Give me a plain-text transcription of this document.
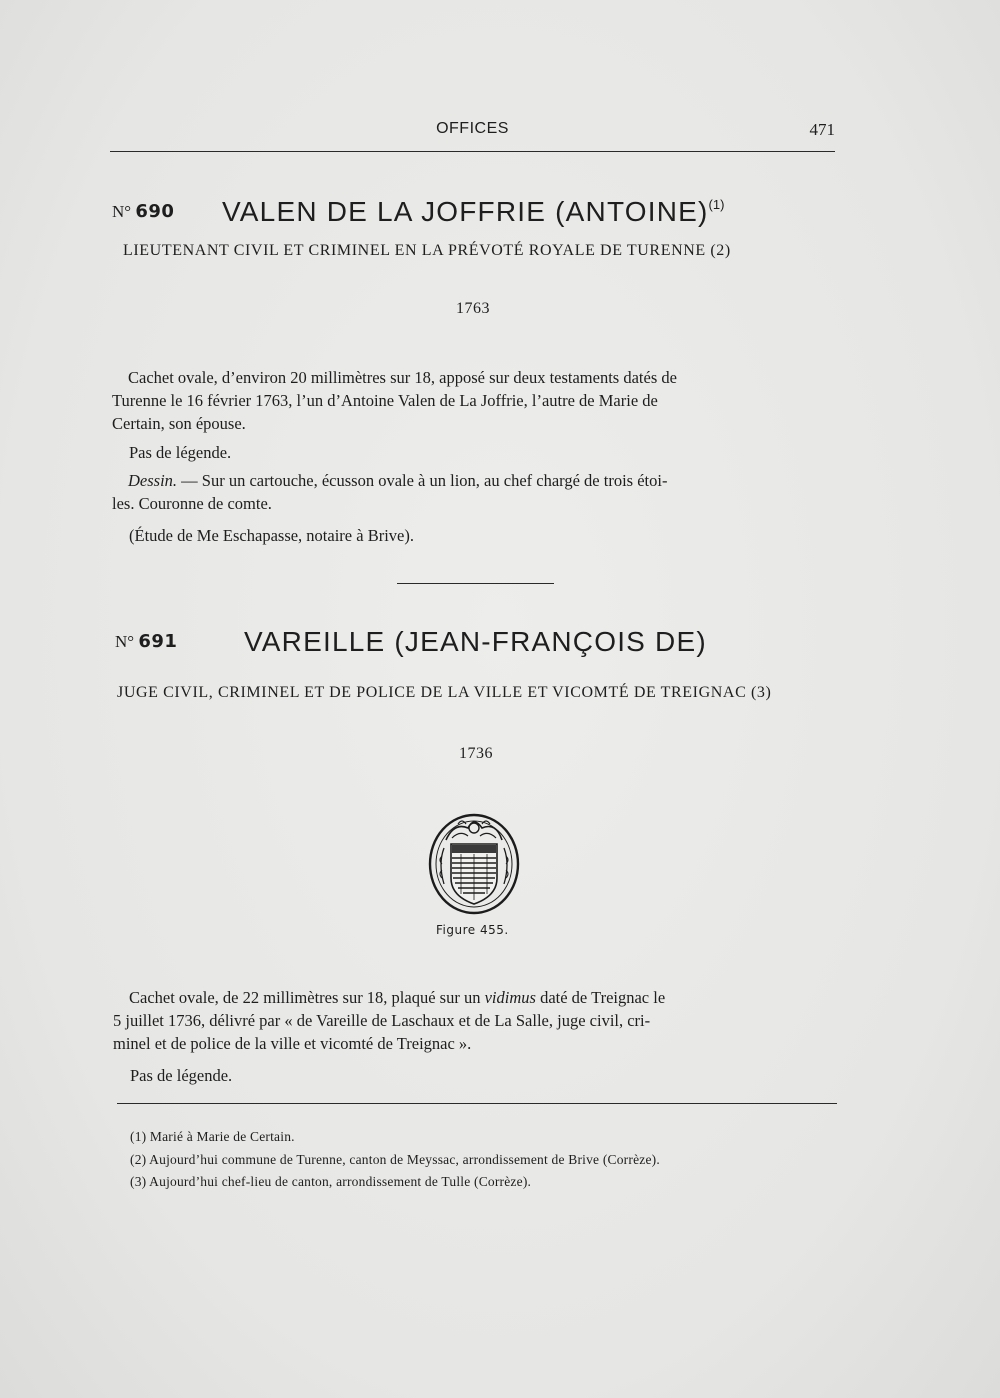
OFFICES	471
N° 690 VALEN DE LA JOFFRIE (ANTOINE)$^{(1)}$
LIEUTENANT CIVIL ET CRIMINEL EN LA PRÉVOTÉ ROYALE DE TURENNE (2)
1763
Cachet ovale, d’environ 20 millimètres sur 18, apposé sur deux testaments datés de
Turenne le 16 février 1763, l’un d’Antoine Valen de La Joffrie, l’autre de Marie de
Certain, son épouse.
Pas de légende.
Dessin. — Sur un cartouche, écusson ovale à un lion, au chef chargé de trois étoi-
les. Couronne de comte.
(Étude de Me Eschapasse, notaire à Brive).
N° 691 VAREILLE (JEAN-FRANÇOIS DE)
JUGE CIVIL, CRIMINEL ET DE POLICE DE LA VILLE ET VICOMTÉ DE TREIGNAC (3)
1736
Figure 455.
Cachet ovale, de 22 millimètres sur 18, plaqué sur un vidimus daté de Treignac le
5 juillet 1736, délivré par « de Vareille de Laschaux et de La Salle, juge civil, cri-
minel et de police de la ville et vicomté de Treignac ».
Pas de légende.
(1) Marié à Marie de Certain.
(2) Aujourd’hui commune de Turenne, canton de Meyssac, arrondissement de Brive (Corrèze).
(3) Aujourd’hui chef-lieu de canton, arrondissement de Tulle (Corrèze).
